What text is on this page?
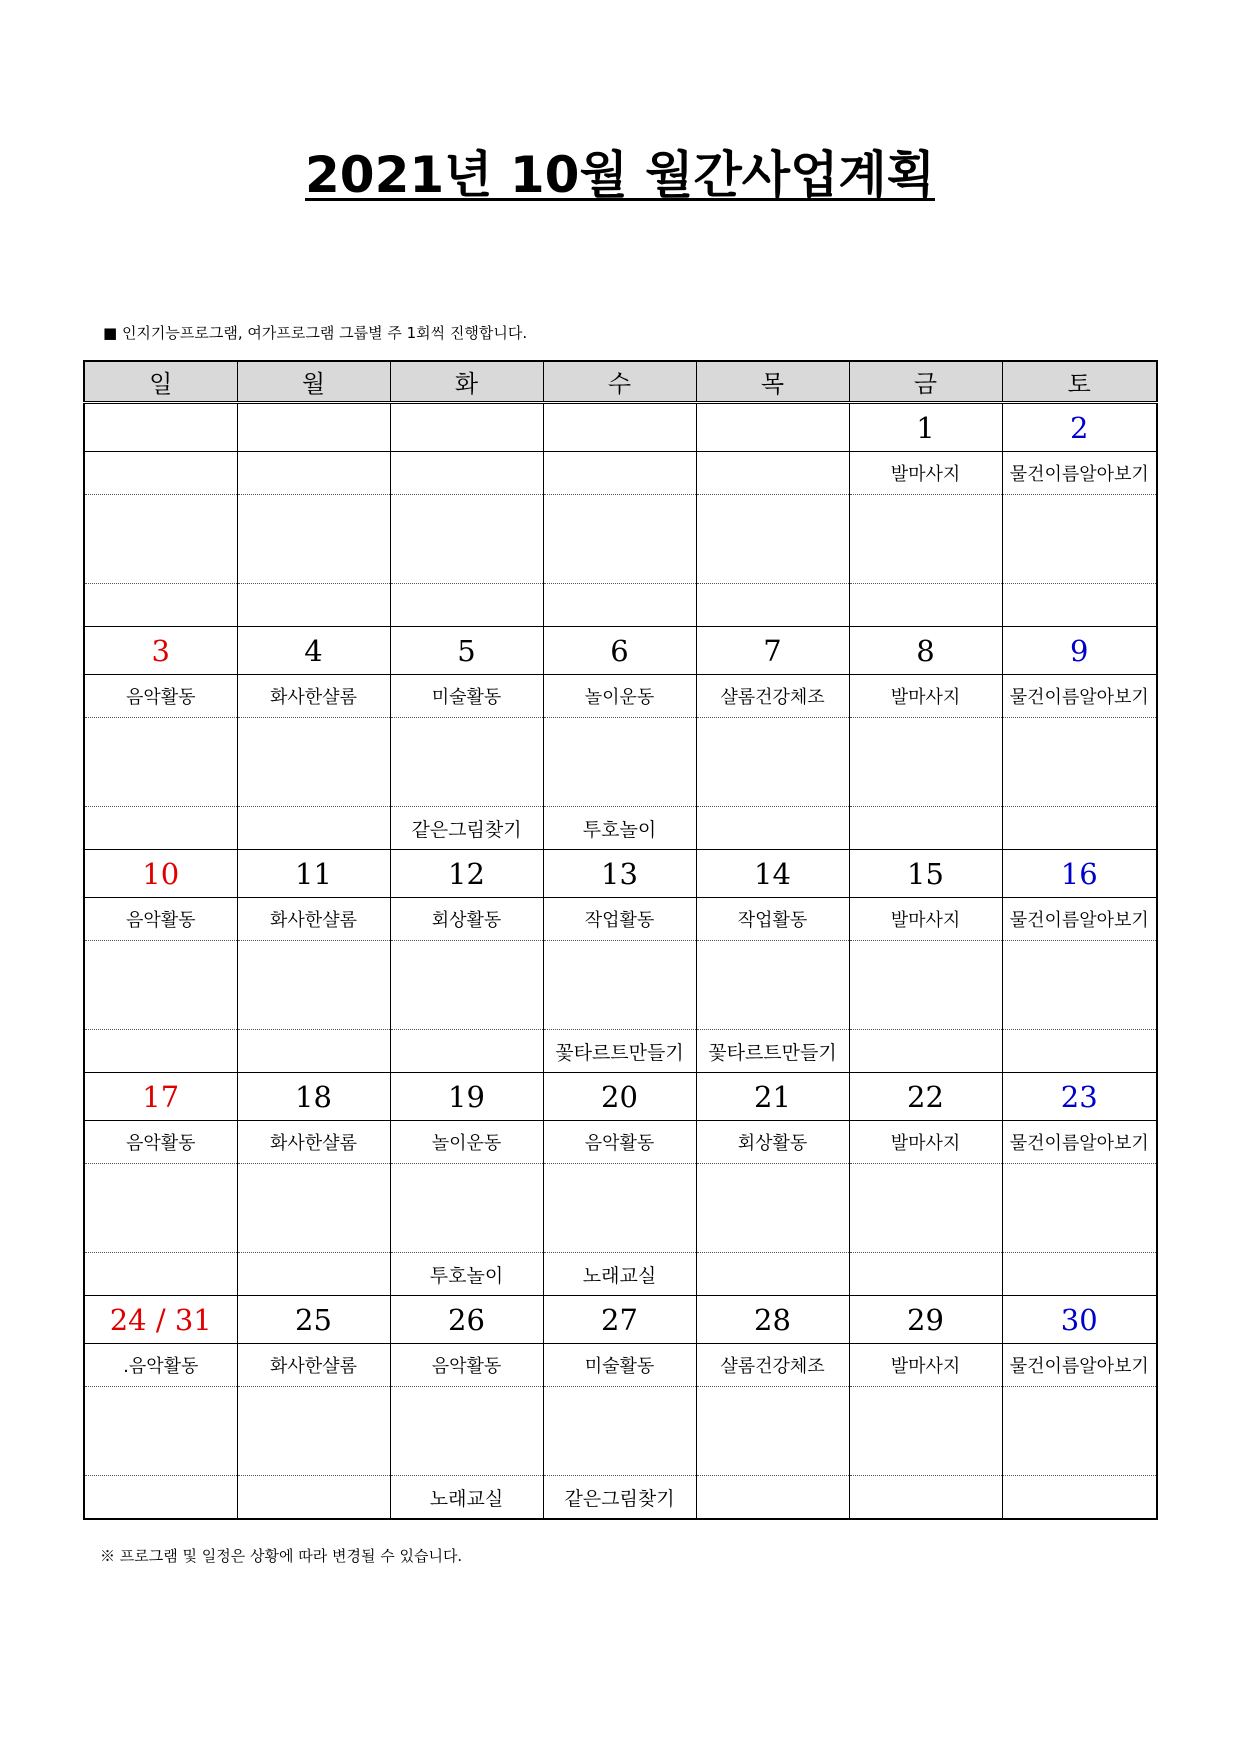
2021년 10월 월간사업계획
■ 인지기능프로그램, 여가프로그램 그룹별 주 1회씩 진행합니다.
일	월	화	수	목	금	토
					1	2
					발마사지	물건이름알아보기

3	4	5	6	7	8	9
음악활동	화사한샬롬	미술활동	놀이운동	샬롬건강체조	발마사지	물건이름알아보기

		같은그림찾기	투호놀이			
10	11	12	13	14	15	16
음악활동	화사한샬롬	회상활동	작업활동	작업활동	발마사지	물건이름알아보기

			꽃타르트만들기	꽃타르트만들기		
17	18	19	20	21	22	23
음악활동	화사한샬롬	놀이운동	음악활동	회상활동	발마사지	물건이름알아보기

		투호놀이	노래교실			
24 / 31	25	26	27	28	29	30
.음악활동	화사한샬롬	음악활동	미술활동	샬롬건강체조	발마사지	물건이름알아보기

		노래교실	같은그림찾기			
※ 프로그램 및 일정은 상황에 따라 변경될 수 있습니다.
